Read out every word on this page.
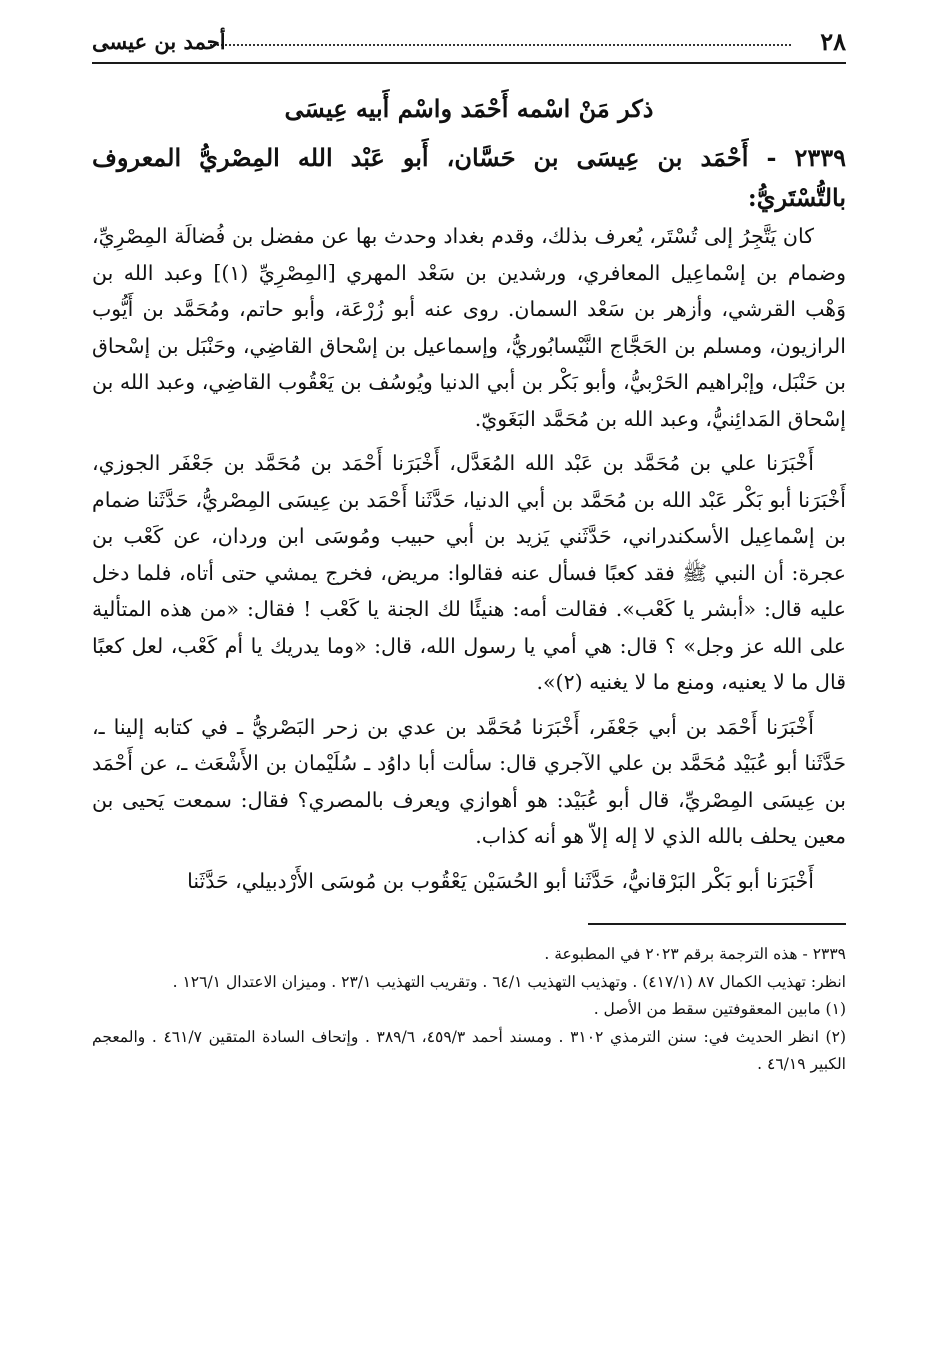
٢٨
أحمد بن عيسى
ذكر مَنْ اسْمه أَحْمَد واسْم أَبيه عِيسَى
٢٣٣٩ - أَحْمَد بن عِيسَى بن حَسَّان، أَبو عَبْد الله المِصْريُّ المعروف بالتُّسْتَريُّ:

كان يَتَّجِرُ إلى تُسْتَر، يُعرف بذلك، وقدم بغداد وحدث بها عن مفضل بن فُضالَة المِصْرِيِّ، وضمام بن إسْماعِيل المعافري، ورشدين بن سَعْد المهري [المِصْرِيِّ (١)] وعبد الله بن وَهْب القرشي، وأزهر بن سَعْد السمان. روى عنه أبو زُرْعَة، وأبو حاتم، ومُحَمَّد بن أَيُّوب الرازيون، ومسلم بن الحَجَّاج النَّيْسابُوريُّ، وإسماعيل بن إسْحاق القاضِي، وحَنْبَل بن إسْحاق بن حَنْبَل، وإبْراهيم الحَرْبيُّ، وأبو بَكْر بن أبي الدنيا ويُوسُف بن يَعْقُوب القاضِي، وعبد الله بن إسْحاق المَدائِنيُّ، وعبد الله بن مُحَمَّد البَغَويّ.

أَخْبَرَنا علي بن مُحَمَّد بن عَبْد الله المُعَدَّل، أَخْبَرَنا أَحْمَد بن مُحَمَّد بن جَعْفَر الجوزي، أَخْبَرَنا أبو بَكْر عَبْد الله بن مُحَمَّد بن أبي الدنيا، حَدَّثَنا أَحْمَد بن عِيسَى المِصْريُّ، حَدَّثَنا ضمام بن إسْماعِيل الأسكندراني، حَدَّثَني يَزيد بن أبي حبيب ومُوسَى ابن وردان، عن كَعْب بن عجرة: أن النبي ﷺ فقد كعبًا فسأل عنه فقالوا: مريض، فخرج يمشي حتى أتاه، فلما دخل عليه قال: «أبشر يا كَعْب». فقالت أمه: هنيئًا لك الجنة يا كَعْب ! فقال: «من هذه المتألية على الله عز وجل» ؟ قال: هي أمي يا رسول الله، قال: «وما يدريك يا أم كَعْب، لعل كعبًا قال ما لا يعنيه، ومنع ما لا يغنيه (٢)».

أَخْبَرَنا أَحْمَد بن أبي جَعْفَر، أَخْبَرَنا مُحَمَّد بن عدي بن زحر البَصْريُّ ـ في كتابه إلينا ـ، حَدَّثَنا أبو عُبَيْد مُحَمَّد بن علي الآجري قال: سألت أبا داوُد ـ سُلَيْمان بن الأَشْعَث ـ، عن أَحْمَد بن عِيسَى المِصْريِّ، قال أبو عُبَيْد: هو أهوازي ويعرف بالمصري؟ فقال: سمعت يَحيى بن معين يحلف بالله الذي لا إله إلاّ هو أنه كذاب.

أَخْبَرَنا أبو بَكْر البَرْقانيُّ، حَدَّثَنا أبو الحُسَيْن يَعْقُوب بن مُوسَى الأَرْدبيلي، حَدَّثَنا

٢٣٣٩ - هذه الترجمة برقم ٢٠٢٣ في المطبوعة .

انظر: تهذيب الكمال ٨٧ (٤١٧/١) . وتهذيب التهذيب ٦٤/١ . وتقريب التهذيب ٢٣/١ . وميزان الاعتدال ١٢٦/١ .

(١) مابين المعقوفتين سقط من الأصل .

(٢) انظر الحديث في: سنن الترمذي ٣١٠٢ . ومسند أحمد ٤٥٩/٣، ٣٨٩/٦ . وإتحاف السادة المتقين ٤٦١/٧ . والمعجم الكبير ٤٦/١٩ .
